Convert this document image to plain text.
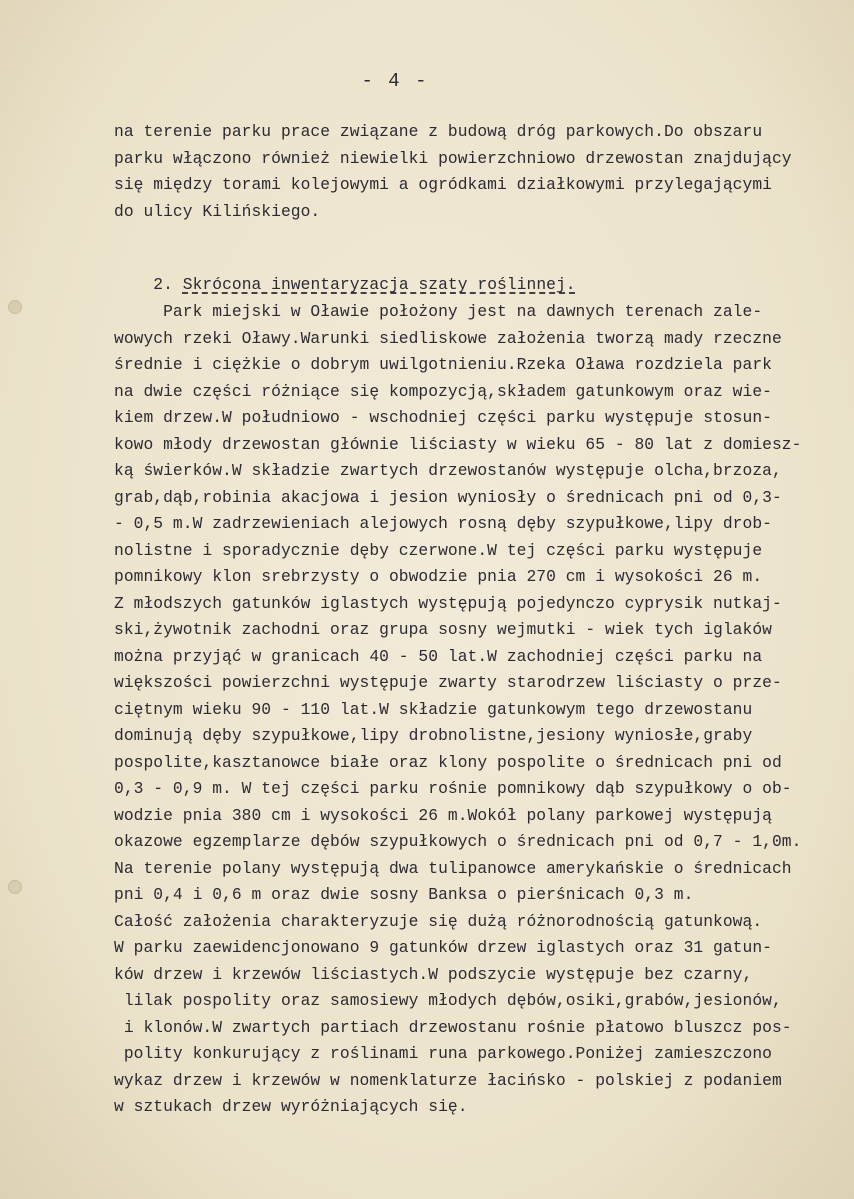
- 4 -
na terenie parku prace związane z budową dróg parkowych.Do obszaru
parku włączono również niewielki powierzchniowo drzewostan znajdujący
się między torami kolejowymi a ogródkami działkowymi przylegającymi
do ulicy Kilińskiego.

2. Skrócona inwentaryzacja szaty roślinnej.

Park miejski w Oławie położony jest na dawnych terenach zale-
wowych rzeki Oławy.Warunki siedliskowe założenia tworzą mady rzeczne
średnie i ciężkie o dobrym uwilgotnieniu.Rzeka Oława rozdziela park
na dwie części różniące się kompozycją,składem gatunkowym oraz wie-
kiem drzew.W południowo - wschodniej części parku występuje stosun-
kowo młody drzewostan głównie liściasty w wieku 65 - 80 lat z domiesz-
ką świerków.W składzie zwartych drzewostanów występuje olcha,brzoza,
grab,dąb,robinia akacjowa i jesion wyniosły o średnicach pni od 0,3-
- 0,5 m.W zadrzewieniach alejowych rosną dęby szypułkowe,lipy drob-
nolistne i sporadycznie dęby czerwone.W tej części parku występuje
pomnikowy klon srebrzysty o obwodzie pnia 270 cm i wysokości 26 m.
Z młodszych gatunków iglastych występują pojedynczo cyprysik nutkaj-
ski,żywotnik zachodni oraz grupa sosny wejmutki - wiek tych iglaków
można przyjąć w granicach 40 - 50 lat.W zachodniej części parku na
większości powierzchni występuje zwarty starodrzew liściasty o prze-
ciętnym wieku 90 - 110 lat.W składzie gatunkowym tego drzewostanu
dominują dęby szypułkowe,lipy drobnolistne,jesiony wyniosłe,graby
pospolite,kasztanowce białe oraz klony pospolite o średnicach pni od
0,3 - 0,9 m. W tej części parku rośnie pomnikowy dąb szypułkowy o ob-
wodzie pnia 380 cm i wysokości 26 m.Wokół polany parkowej występują
okazowe egzemplarze dębów szypułkowych o średnicach pni od 0,7 - 1,0m.
Na terenie polany występują dwa tulipanowce amerykańskie o średnicach
pni 0,4 i 0,6 m oraz dwie sosny Banksa o pierśnicach 0,3 m.
Całość założenia charakteryzuje się dużą różnorodnością gatunkową.
W parku zaewidencjonowano 9 gatunków drzew iglastych oraz 31 gatun-
ków drzew i krzewów liściastych.W podszycie występuje bez czarny,
lilak pospolity oraz samosiewy młodych dębów,osiki,grabów,jesionów,
i klonów.W zwartych partiach drzewostanu rośnie płatowo bluszcz pos-
polity konkurujący z roślinami runa parkowego.Poniżej zamieszczono
wykaz drzew i krzewów w nomenklaturze łacińsko - polskiej z podaniem
w sztukach drzew wyróżniających się.
